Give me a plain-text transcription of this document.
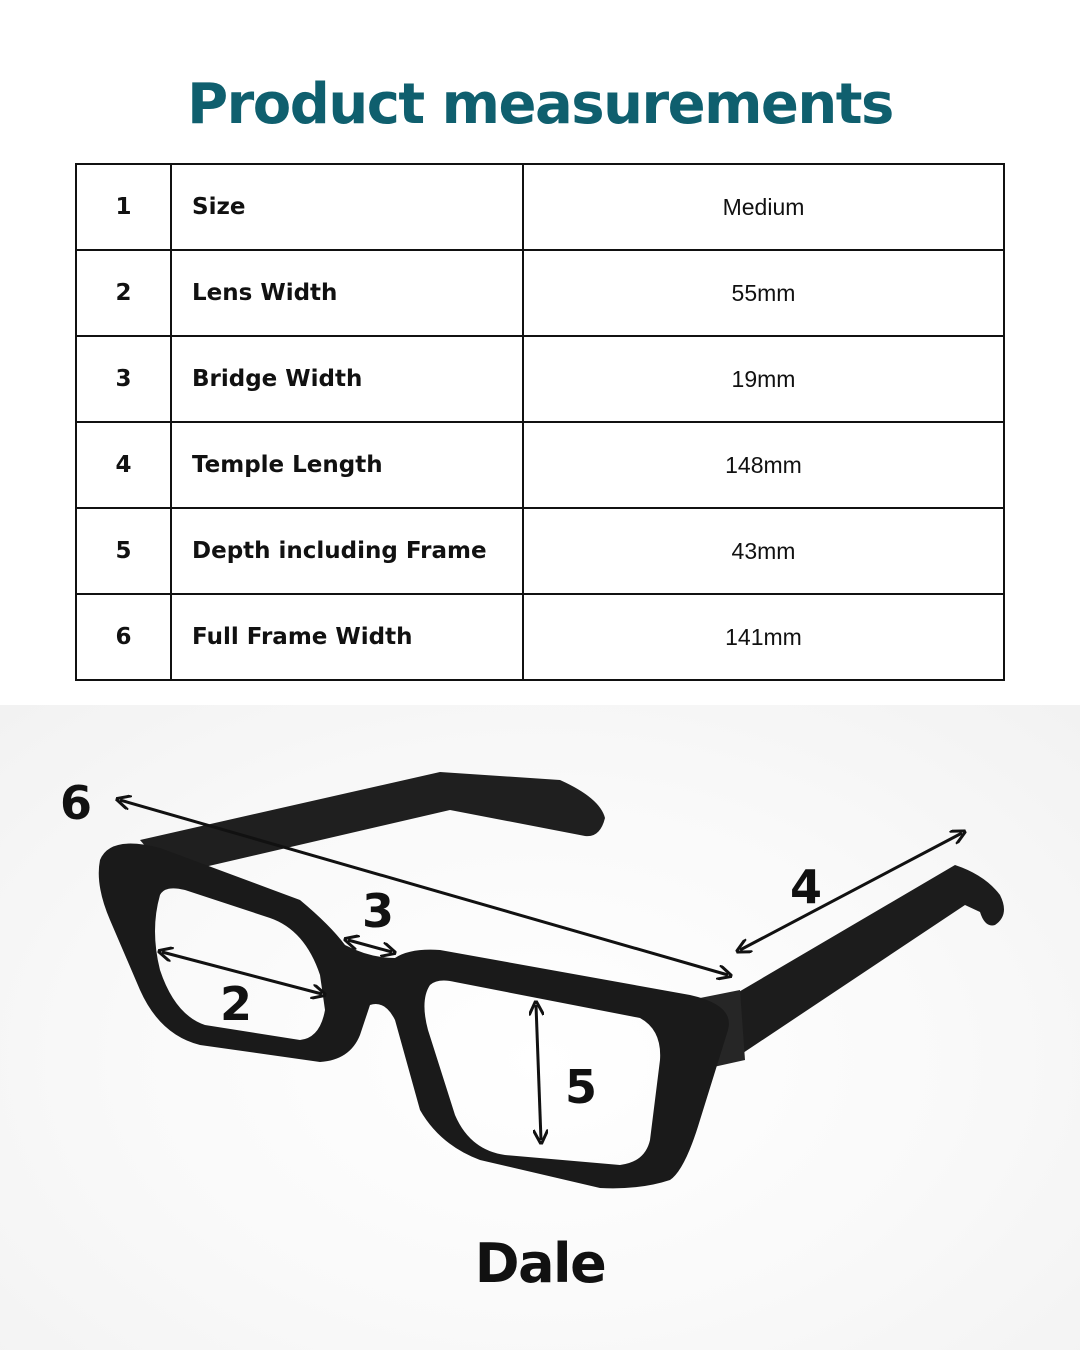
Product measurements
1	Size	Medium
2	Lens Width	55mm
3	Bridge Width	19mm
4	Temple Length	148mm
5	Depth including Frame	43mm
6	Full Frame Width	141mm
6
4
3
2
5
Dale
